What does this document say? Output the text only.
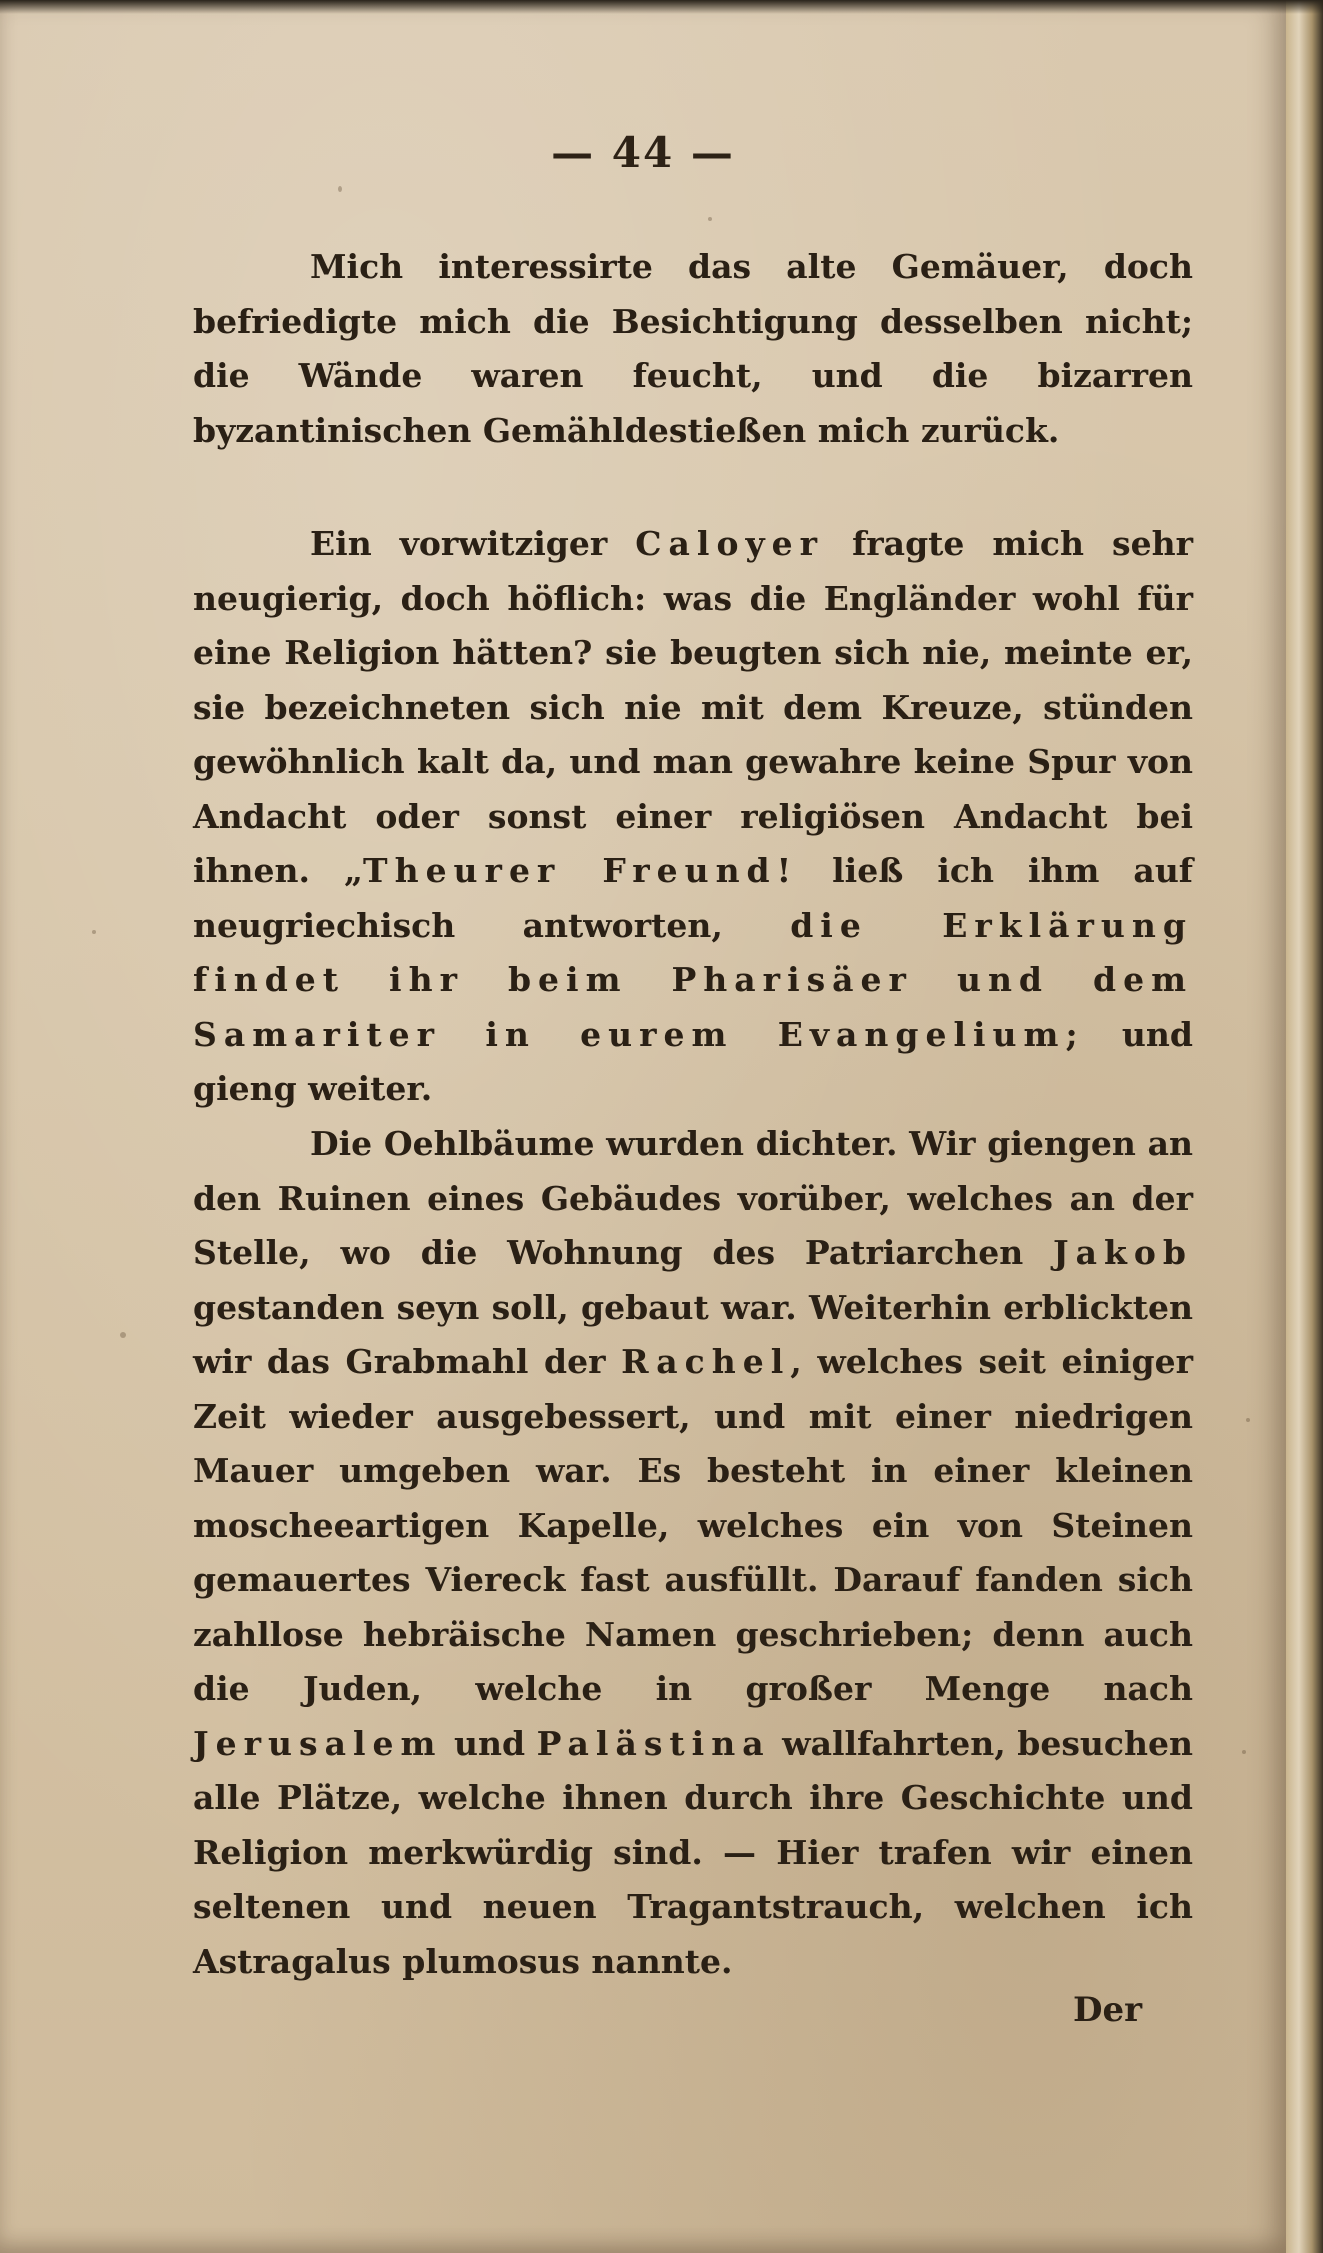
— 44 —

Mich interessirte das alte Gemäuer, doch befriedigte mich die Besichtigung desselben nicht; die Wände waren feucht, und die bizarren byzantinischen Gemähldestießen mich zurück.

Ein vorwitziger Caloyer fragte mich sehr neugierig, doch höflich: was die Engländer wohl für eine Religion hätten? sie beugten sich nie, meinte er, sie bezeichneten sich nie mit dem Kreuze, stünden gewöhnlich kalt da, und man gewahre keine Spur von Andacht oder sonst einer religiösen Andacht bei ihnen. „Theurer Freund! ließ ich ihm auf neugriechisch antworten, die Erklärung findet ihr beim Pharisäer und dem Samariter in eurem Evangelium; und gieng weiter.

Die Oehlbäume wurden dichter. Wir giengen an den Ruinen eines Gebäudes vorüber, welches an der Stelle, wo die Wohnung des Patriarchen Jakob gestanden seyn soll, gebaut war. Weiterhin erblickten wir das Grabmahl der Rachel, welches seit einiger Zeit wieder ausgebessert, und mit einer niedrigen Mauer umgeben war. Es besteht in einer kleinen moscheeartigen Kapelle, welches ein von Steinen gemauertes Viereck fast ausfüllt. Darauf fanden sich zahllose hebräische Namen geschrieben; denn auch die Juden, welche in großer Menge nach Jerusalem und Palästina wallfahrten, besuchen alle Plätze, welche ihnen durch ihre Geschichte und Religion merkwürdig sind. — Hier trafen wir einen seltenen und neuen Tragantstrauch, welchen ich Astragalus plumosus nannte.

Der
